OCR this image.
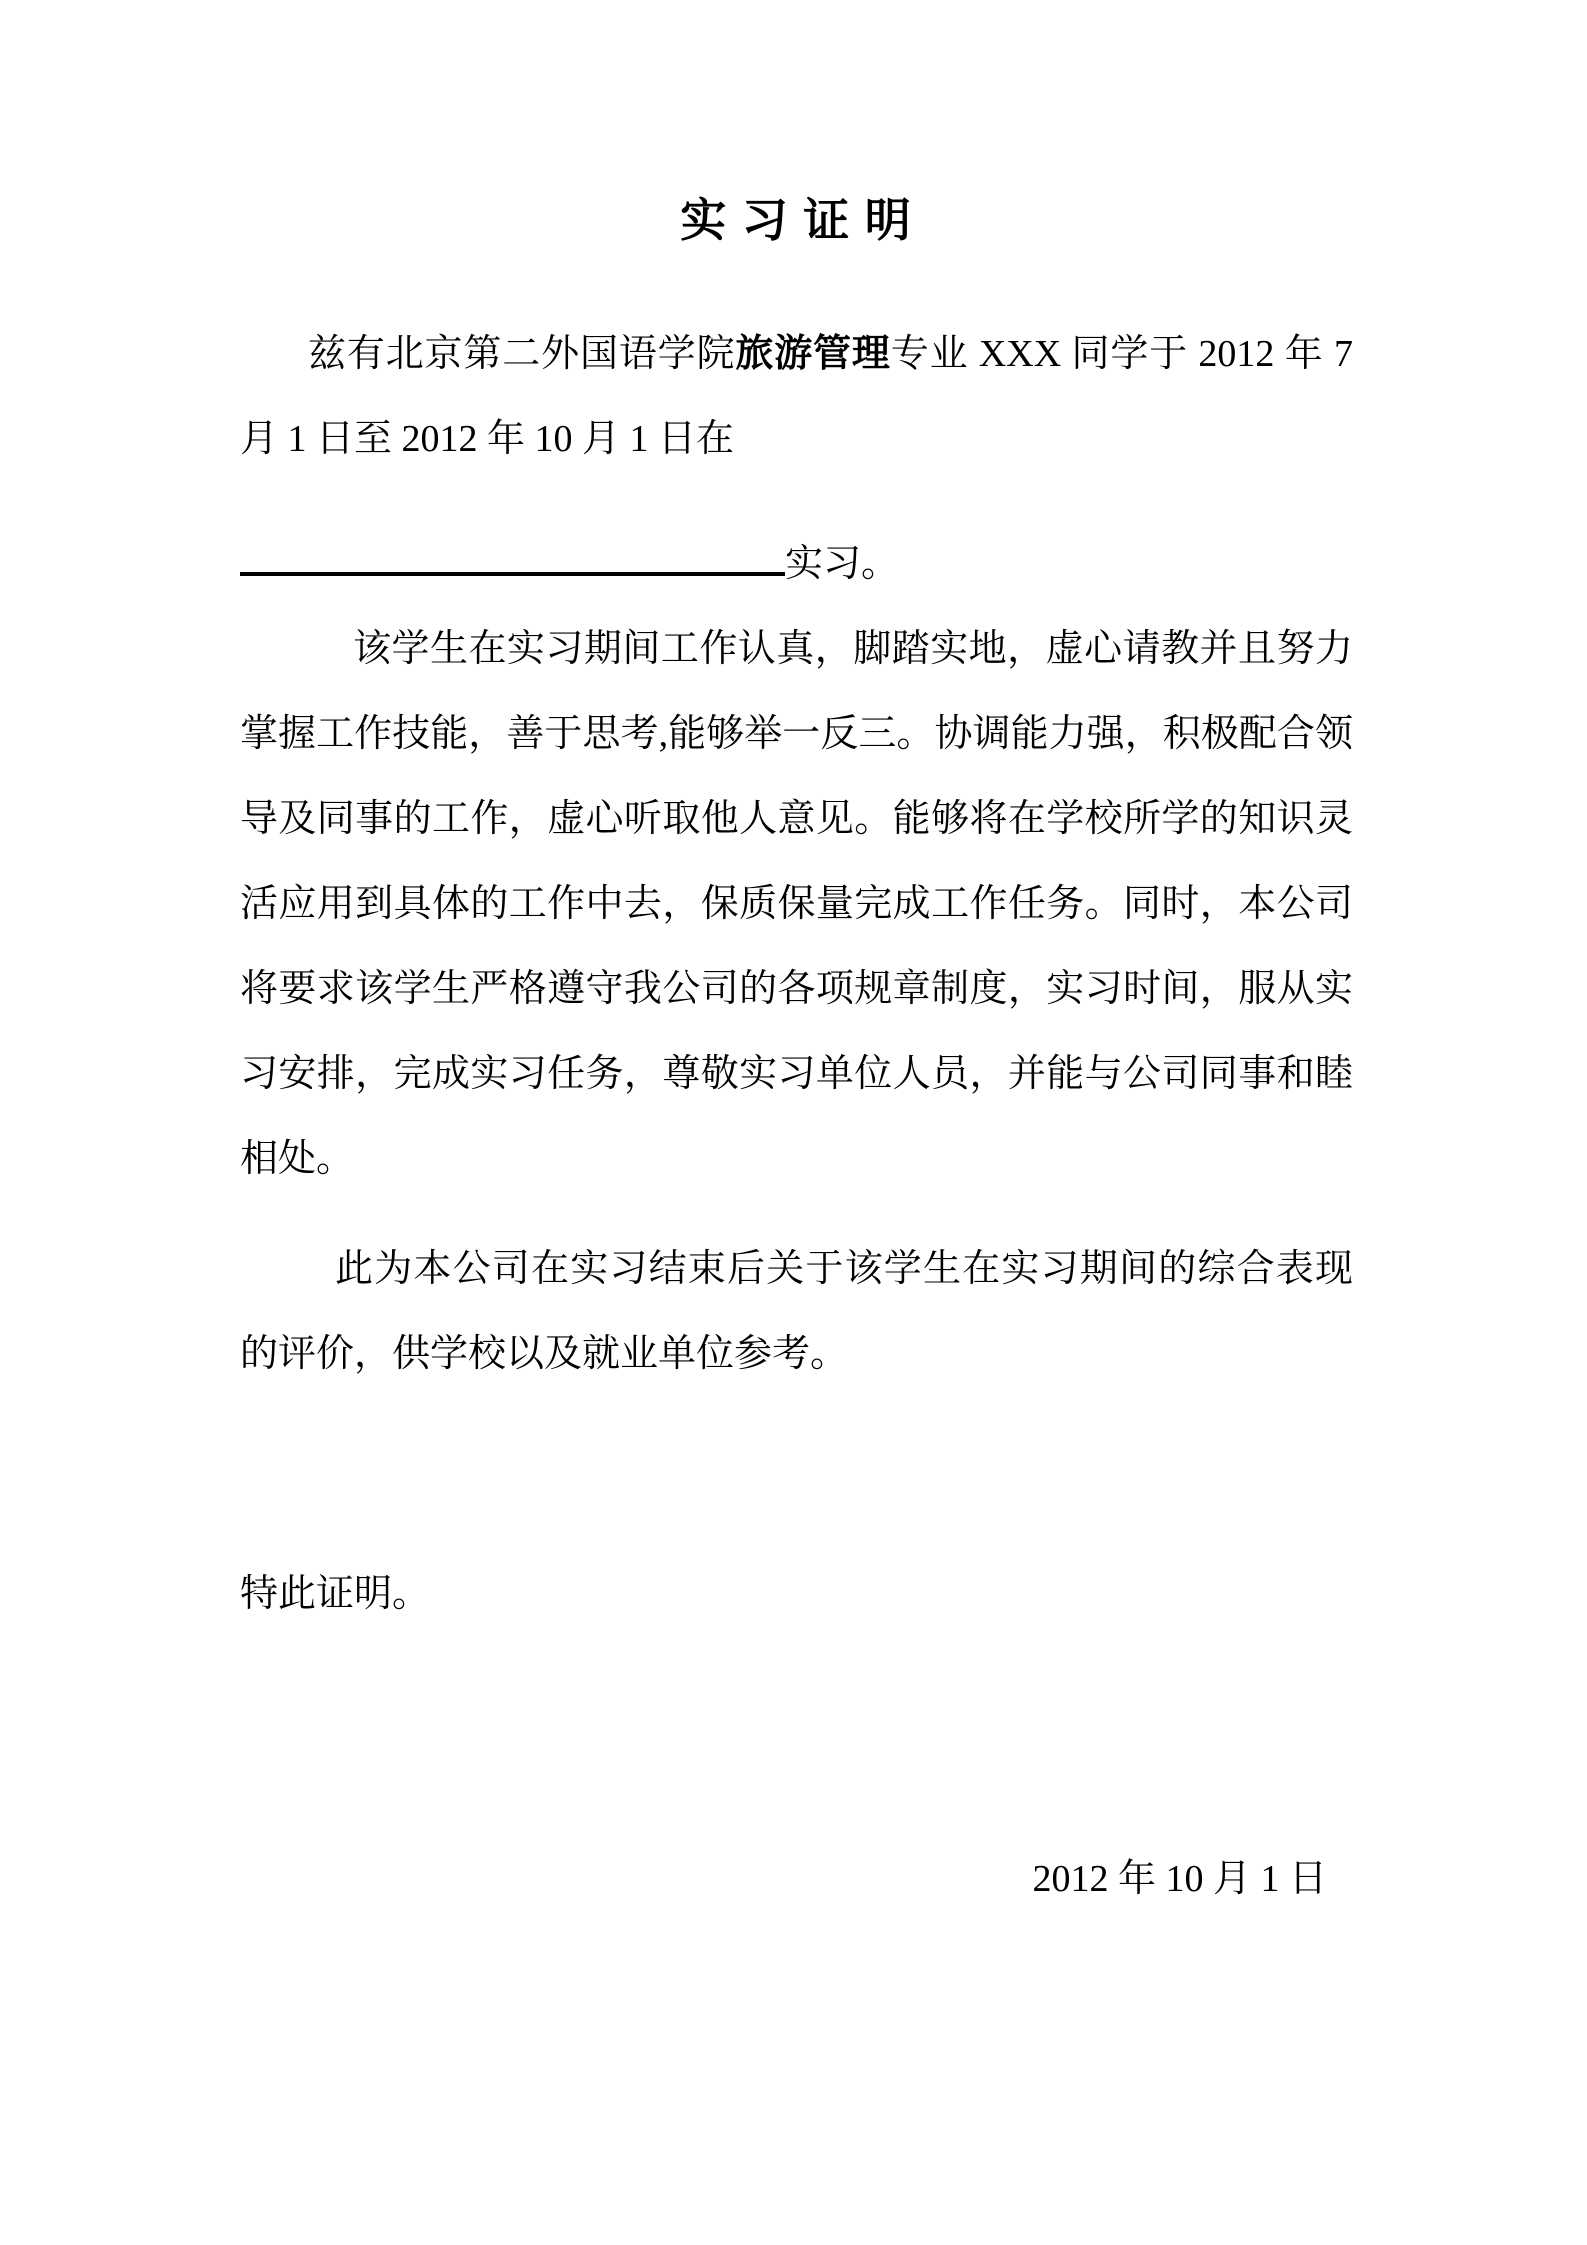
实 习 证 明

兹有北京第二外国语学院旅游管理专业 XXX 同学于 2012 年 7 月 1 日至 2012 年 10 月 1 日在

实习。

该学生在实习期间工作认真，脚踏实地，虚心请教并且努力掌握工作技能，善于思考,能够举一反三。协调能力强，积极配合领导及同事的工作，虚心听取他人意见。能够将在学校所学的知识灵活应用到具体的工作中去，保质保量完成工作任务。同时，本公司将要求该学生严格遵守我公司的各项规章制度，实习时间，服从实习安排，完成实习任务，尊敬实习单位人员，并能与公司同事和睦相处。

此为本公司在实习结束后关于该学生在实习期间的综合表现的评价，供学校以及就业单位参考。

特此证明。

2012 年 10 月 1 日
